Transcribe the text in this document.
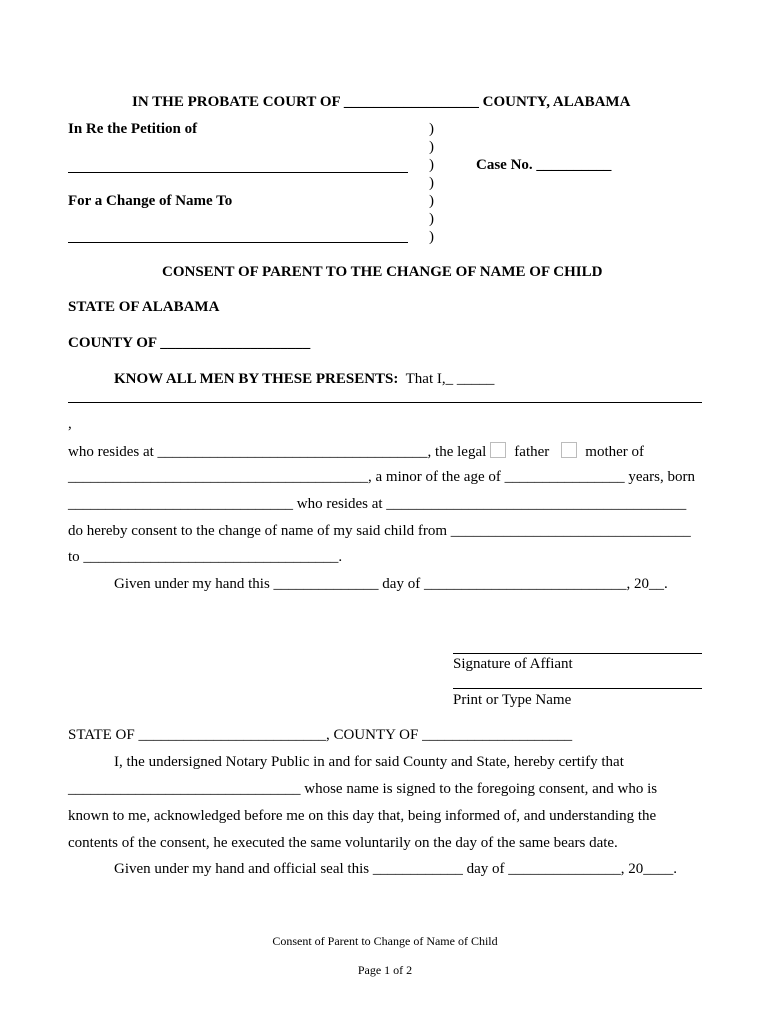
IN THE PROBATE COURT OF __________________ COUNTY, ALABAMA
In Re the Petition of	)
)
)
)
)
)
)
Case No. __________
For a Change of Name To
CONSENT OF PARENT TO THE CHANGE OF NAME OF CHILD
STATE OF ALABAMA
COUNTY OF ____________________
KNOW ALL MEN BY THESE PRESENTS: That I,_ _____
,
who resides at ____________________________________, the legal father mother of
________________________________________, a minor of the age of ________________ years, born
______________________________ who resides at ________________________________________
do hereby consent to the change of name of my said child from ________________________________
to __________________________________.
Given under my hand this ______________ day of ___________________________, 20__.
Signature of Affiant
Print or Type Name
STATE OF _________________________, COUNTY OF ____________________
I, the undersigned Notary Public in and for said County and State, hereby certify that
_______________________________ whose name is signed to the foregoing consent, and who is
known to me, acknowledged before me on this day that, being informed of, and understanding the
contents of the consent, he executed the same voluntarily on the day of the same bears date.
Given under my hand and official seal this ____________ day of _______________, 20____.
Consent of Parent to Change of Name of Child
Page 1 of 2
